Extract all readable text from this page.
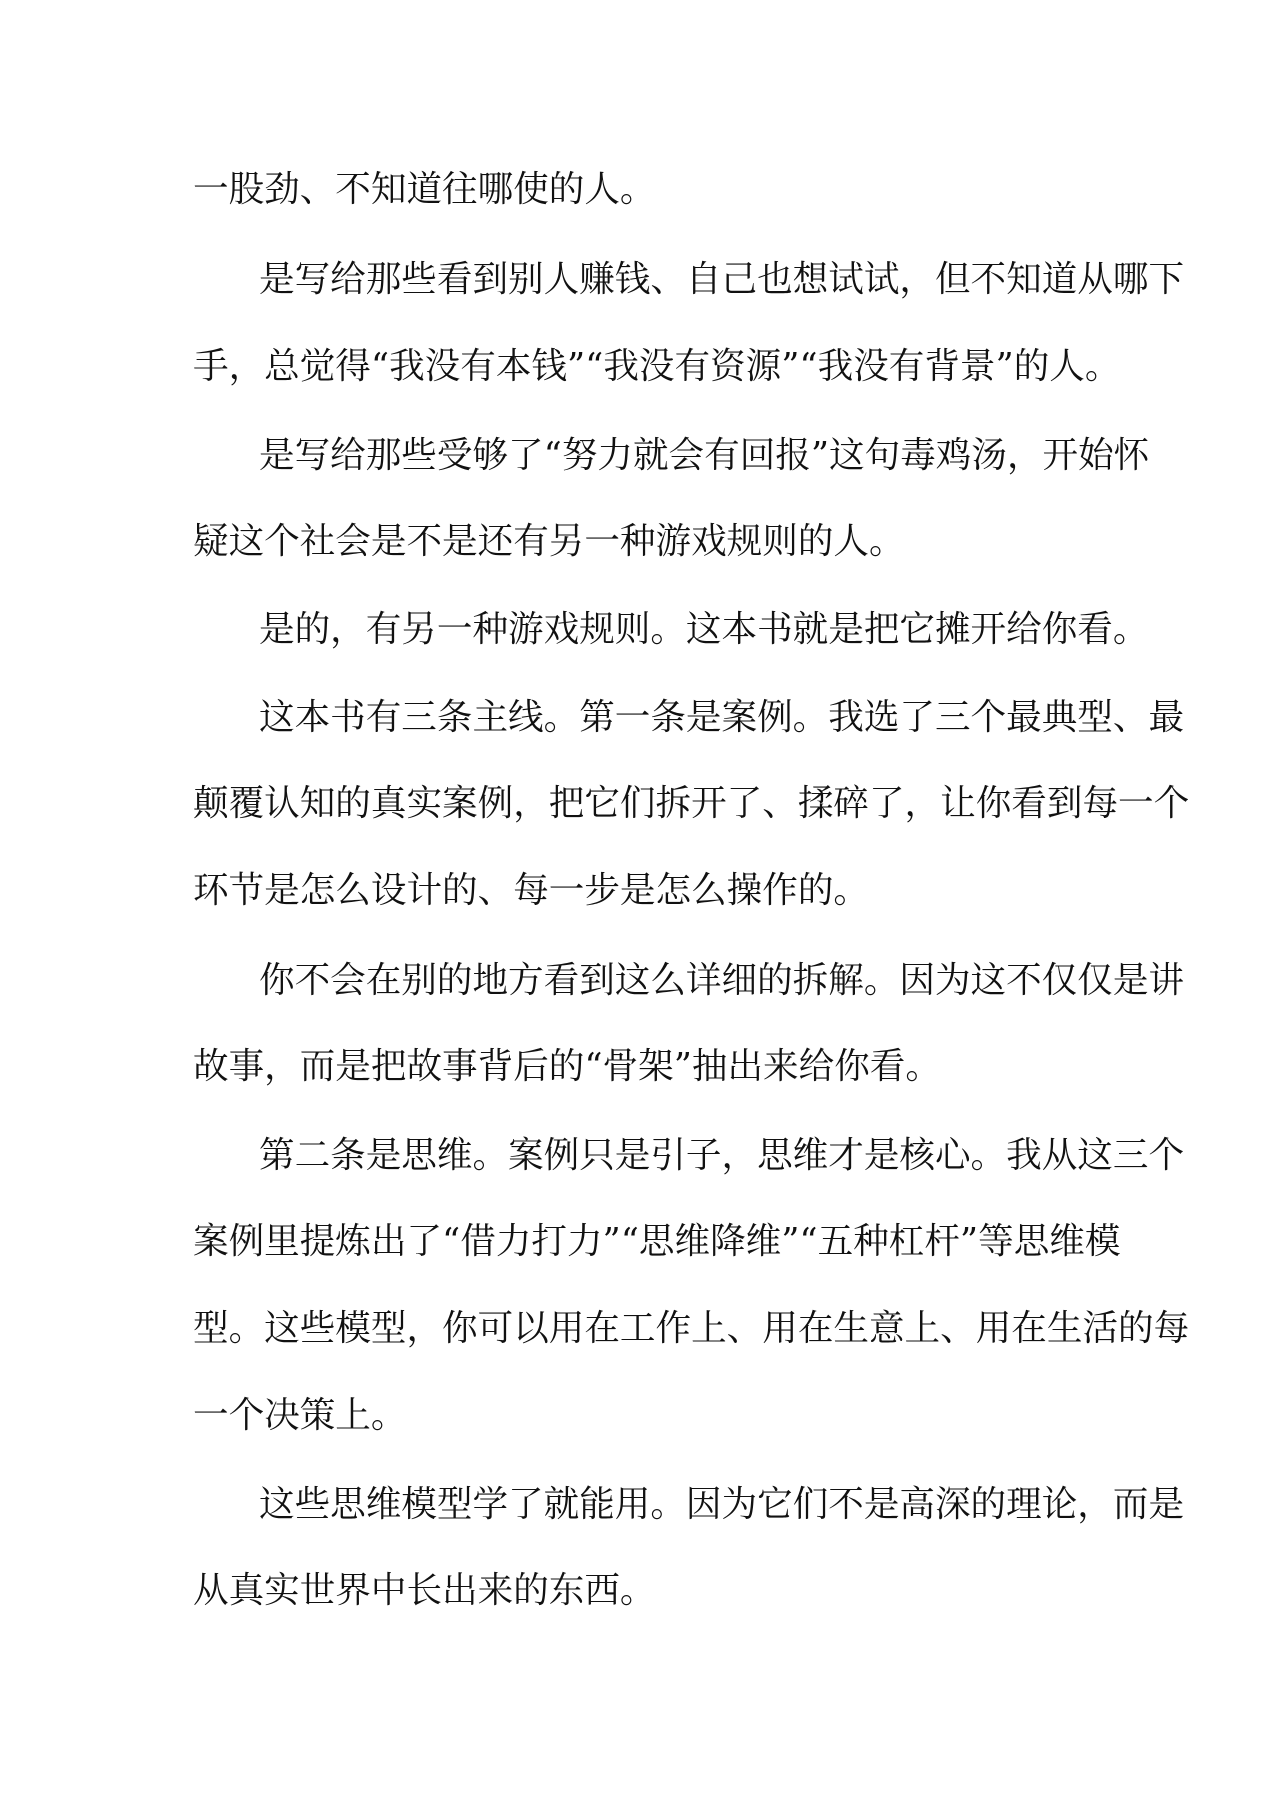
一股劲、不知道往哪使的人。
是写给那些看到别人赚钱、自己也想试试，但不知道从哪下
手，总觉得“我没有本钱”“我没有资源”“我没有背景”的人。
是写给那些受够了“努力就会有回报”这句毒鸡汤，开始怀
疑这个社会是不是还有另一种游戏规则的人。
是的，有另一种游戏规则。这本书就是把它摊开给你看。
这本书有三条主线。第一条是案例。我选了三个最典型、最
颠覆认知的真实案例，把它们拆开了、揉碎了，让你看到每一个
环节是怎么设计的、每一步是怎么操作的。
你不会在别的地方看到这么详细的拆解。因为这不仅仅是讲
故事，而是把故事背后的“骨架”抽出来给你看。
第二条是思维。案例只是引子，思维才是核心。我从这三个
案例里提炼出了“借力打力”“思维降维”“五种杠杆”等思维模
型。这些模型，你可以用在工作上、用在生意上、用在生活的每
一个决策上。
这些思维模型学了就能用。因为它们不是高深的理论，而是
从真实世界中长出来的东西。
